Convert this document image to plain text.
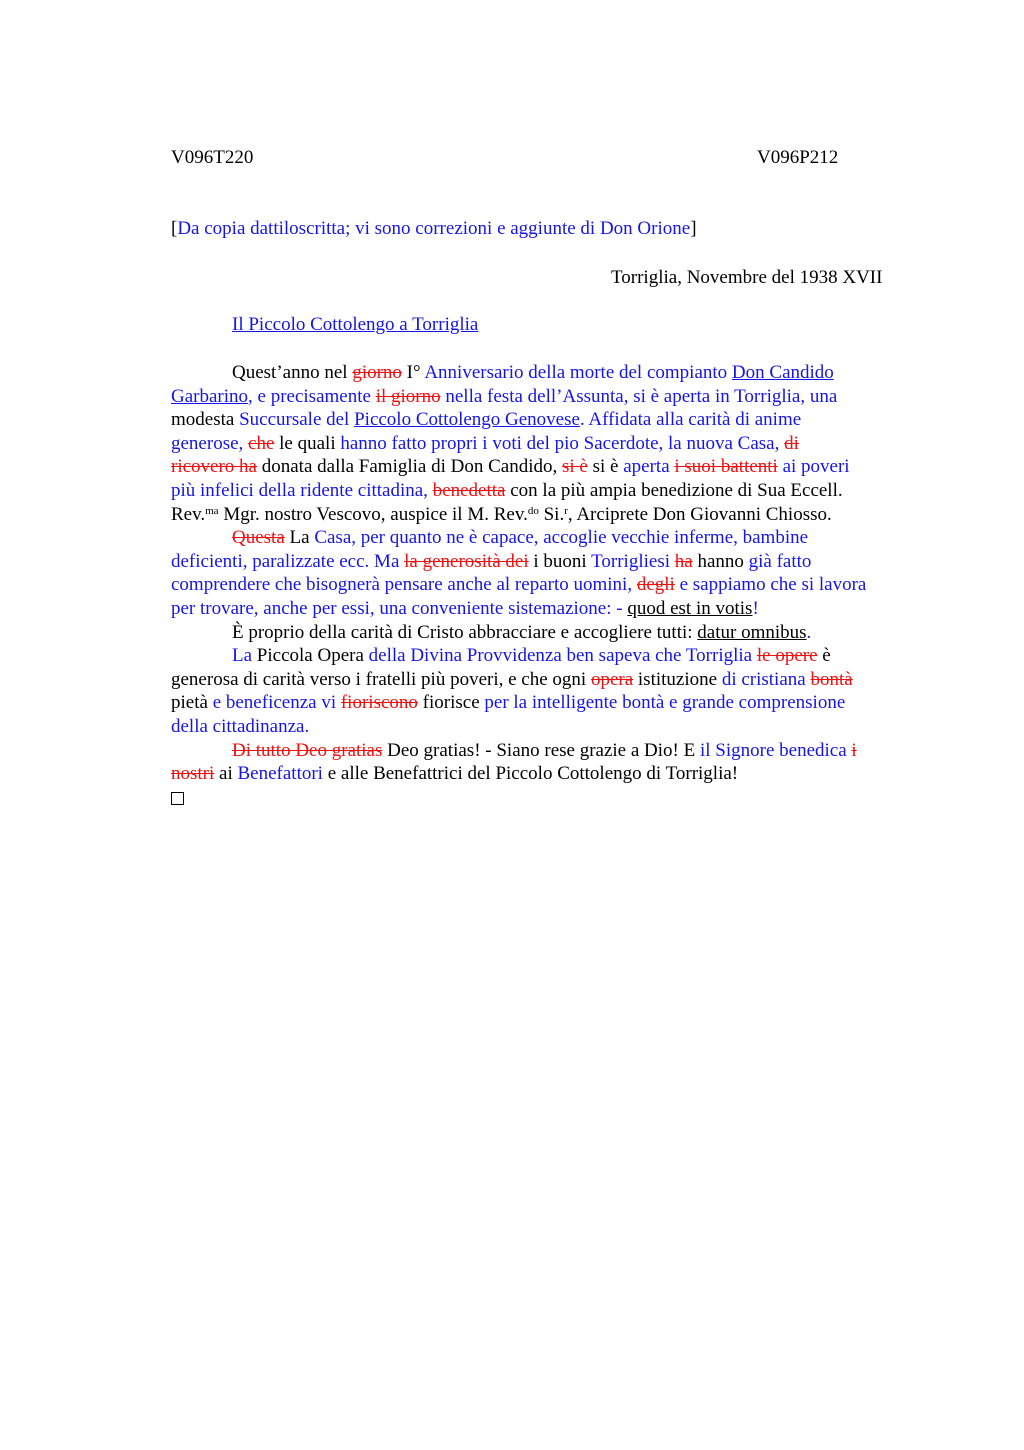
V096T220	V096P212
[Da copia dattiloscritta; vi sono correzioni e aggiunte di Don Orione]
Torriglia, Novembre del 1938 XVII
Il Piccolo Cottolengo a Torriglia
Quest’anno nel giorno I° Anniversario della morte del compianto Don Candido
Garbarino, e precisamente il giorno nella festa dell’Assunta, si è aperta in Torriglia, una
modesta Succursale del Piccolo Cottolengo Genovese. Affidata alla carità di anime
generose, che le quali hanno fatto propri i voti del pio Sacerdote, la nuova Casa, di
ricovero ha donata dalla Famiglia di Don Candido, si è si è aperta i suoi battenti ai poveri
più infelici della ridente cittadina, benedetta con la più ampia benedizione di Sua Eccell.
Rev.$^{ma}$ Mgr. nostro Vescovo, auspice il M. Rev.$^{do}$ Si.$^r$, Arciprete Don Giovanni Chiosso.
Questa La Casa, per quanto ne è capace, accoglie vecchie inferme, bambine
deficienti, paralizzate ecc. Ma la generosità dei i buoni Torrigliesi ha hanno già fatto
comprendere che bisognerà pensare anche al reparto uomini, degli e sappiamo che si lavora
per trovare, anche per essi, una conveniente sistemazione: - quod est in votis!
È proprio della carità di Cristo abbracciare e accogliere tutti: datur omnibus.
La Piccola Opera della Divina Provvidenza ben sapeva che Torriglia le opere è
generosa di carità verso i fratelli più poveri, e che ogni opera istituzione di cristiana bontà
pietà e beneficenza vi fioriscono fiorisce per la intelligente bontà e grande comprensione
della cittadinanza.
Di tutto Deo gratias Deo gratias! - Siano rese grazie a Dio! E il Signore benedica i
nostri ai Benefattori e alle Benefattrici del Piccolo Cottolengo di Torriglia!
